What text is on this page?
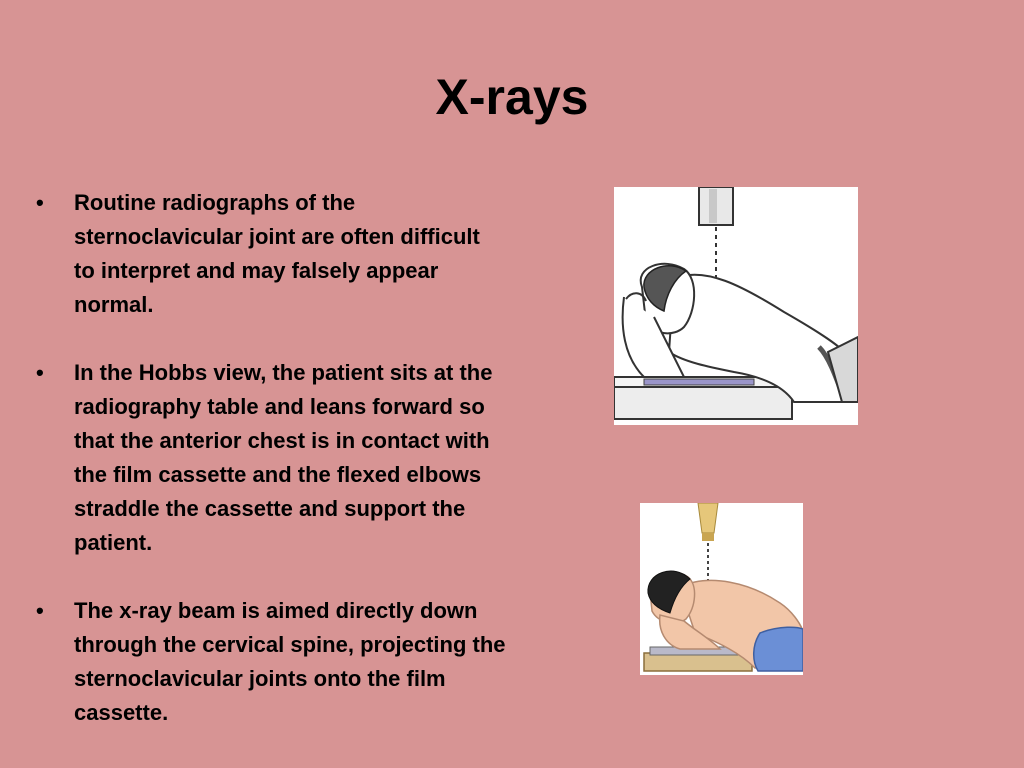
X-rays
• Routine radiographs of the sternoclavicular joint are often difficult to interpret and may falsely appear normal.
• In the Hobbs view, the patient sits at the radiography table and leans forward so that the anterior chest is in contact with the film cassette and the flexed elbows straddle the cassette and support the patient.
• The x-ray beam is aimed directly down through the cervical spine, projecting the sternoclavicular joints onto the film cassette.
